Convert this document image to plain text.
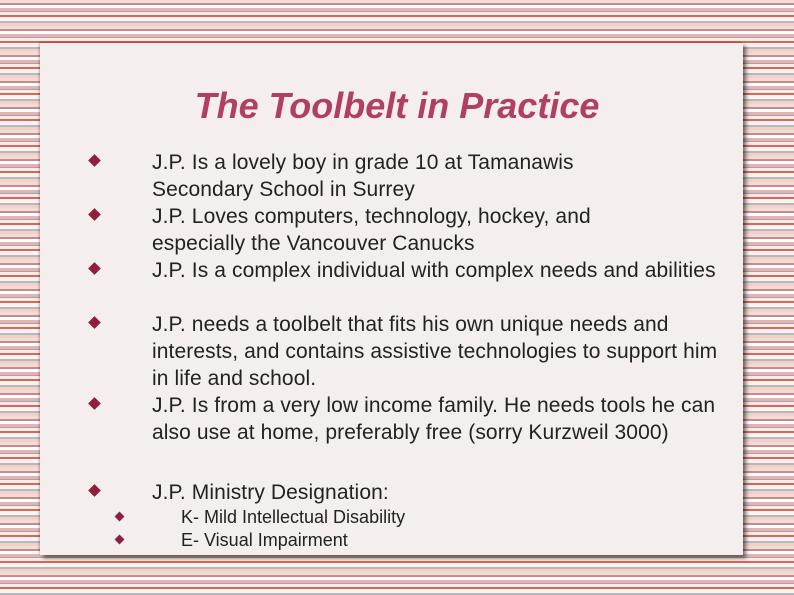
The Toolbelt in Practice
J.P. Is a lovely boy in grade 10 at Tamanawis Secondary School in Surrey
J.P. Loves computers, technology, hockey, and especially the Vancouver Canucks
J.P. Is a complex individual with complex needs and abilities
J.P. needs a toolbelt that fits his own unique needs and interests, and contains assistive technologies to support him in life and school.
J.P. Is from a very low income family. He needs tools he can also use at home, preferably free (sorry Kurzweil 3000)
J.P. Ministry Designation:
K- Mild Intellectual Disability
E- Visual Impairment
